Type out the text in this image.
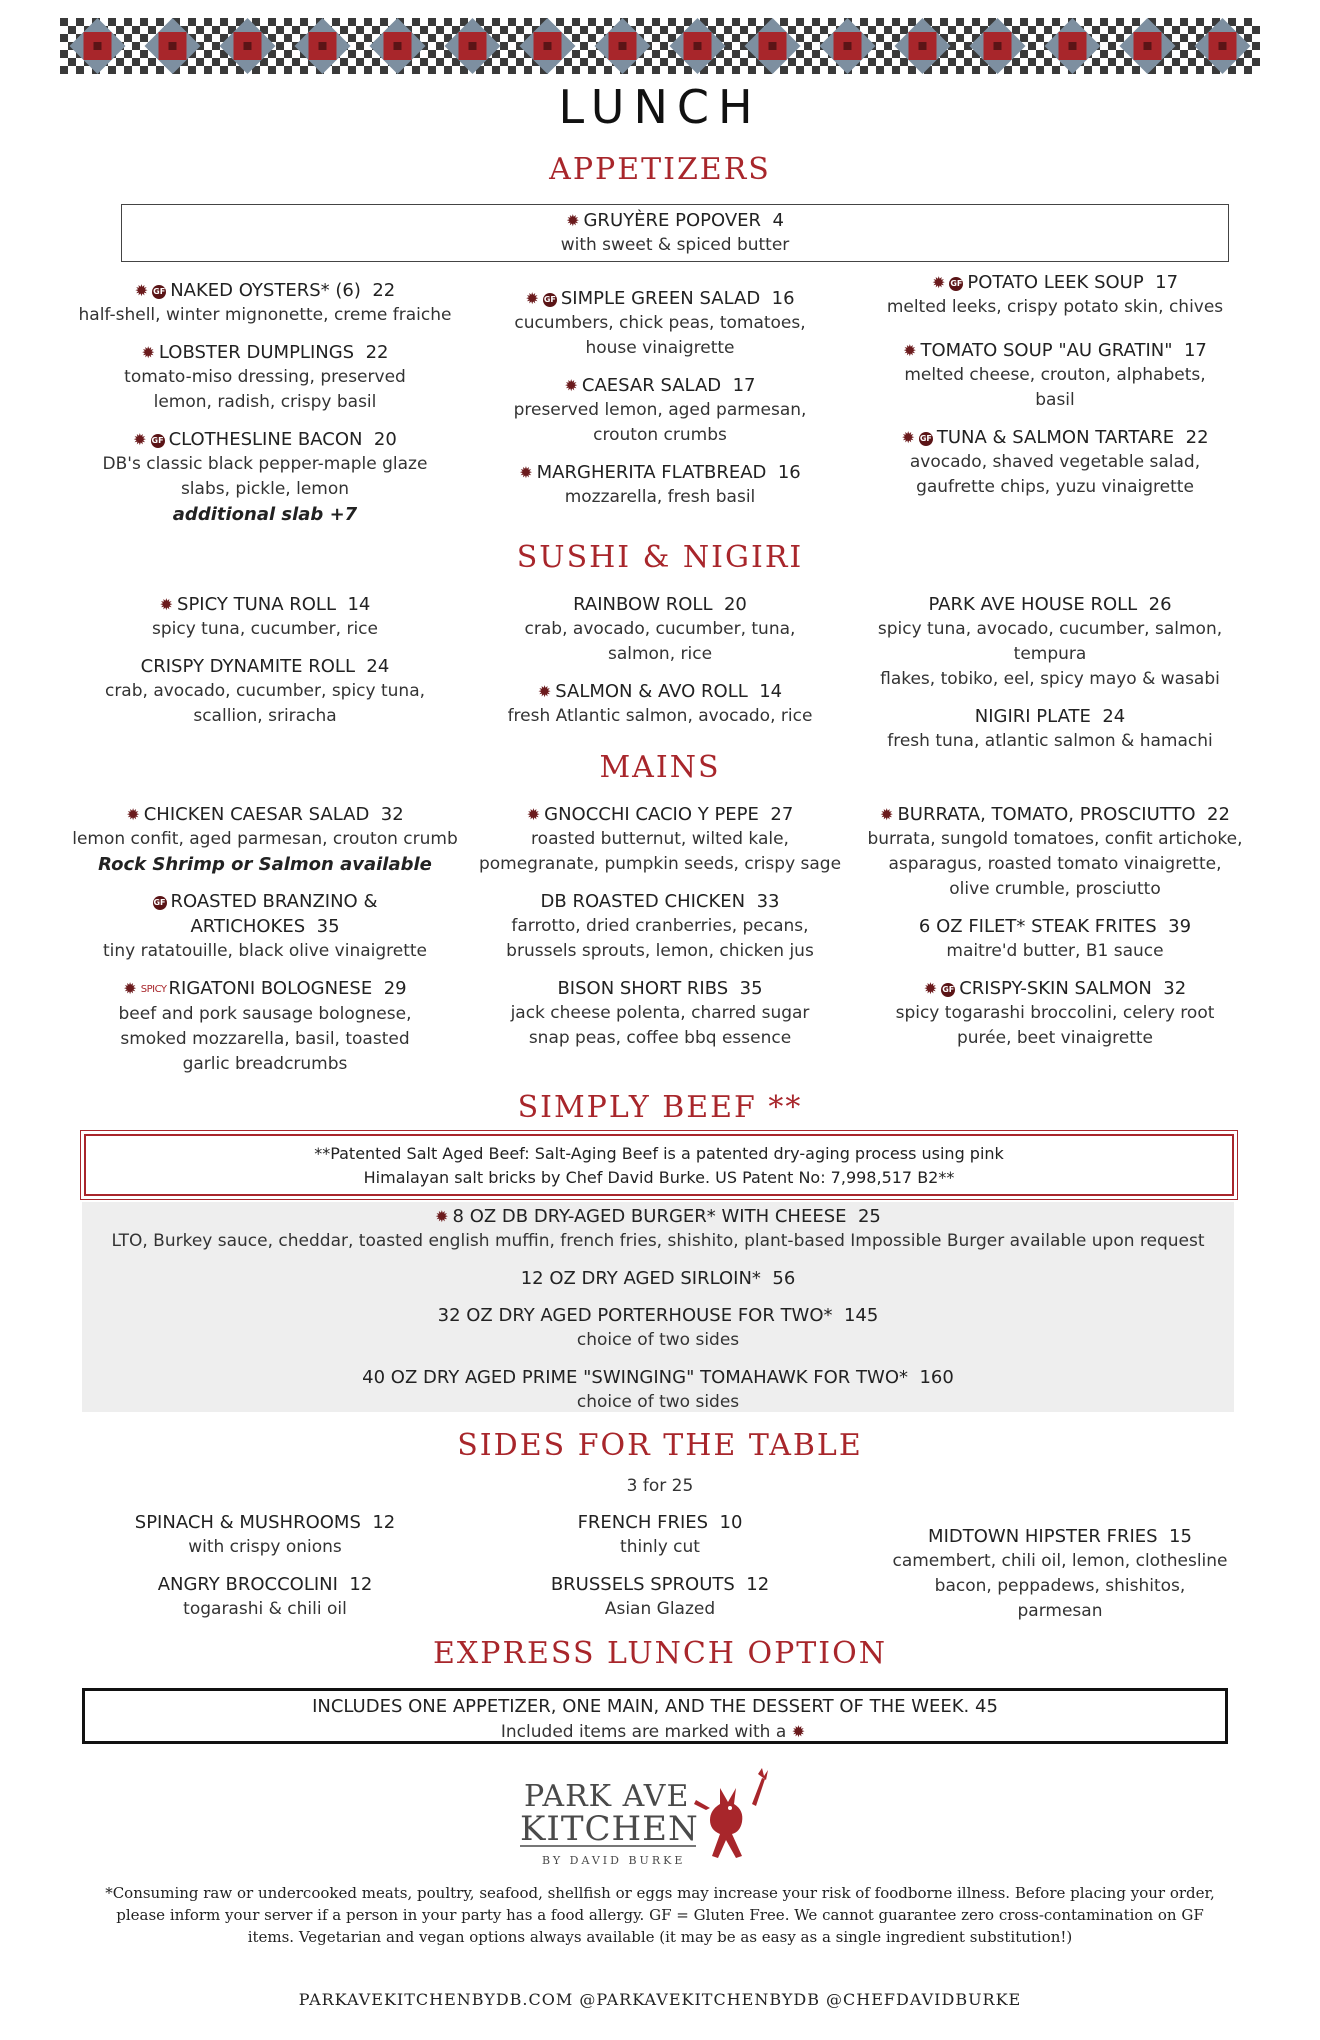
LUNCH
APPETIZERS
✹ GRUYÈRE POPOVER 4
with sweet & spiced butter
✹ GF NAKED OYSTERS* (6) 22
half-shell, winter mignonette, creme fraiche
✹ LOBSTER DUMPLINGS 22
tomato-miso dressing, preserved
lemon, radish, crispy basil
✹ GF CLOTHESLINE BACON 20
DB's classic black pepper-maple glaze
slabs, pickle, lemon
additional slab +7
✹ GF SIMPLE GREEN SALAD 16
cucumbers, chick peas, tomatoes,
house vinaigrette
✹ CAESAR SALAD 17
preserved lemon, aged parmesan,
crouton crumbs
✹ MARGHERITA FLATBREAD 16
mozzarella, fresh basil
✹ GF POTATO LEEK SOUP 17
melted leeks, crispy potato skin, chives
✹ TOMATO SOUP "AU GRATIN" 17
melted cheese, crouton, alphabets,
basil
✹ GF TUNA & SALMON TARTARE 22
avocado, shaved vegetable salad,
gaufrette chips, yuzu vinaigrette
SUSHI & NIGIRI
✹ SPICY TUNA ROLL 14
spicy tuna, cucumber, rice
CRISPY DYNAMITE ROLL 24
crab, avocado, cucumber, spicy tuna,
scallion, sriracha
RAINBOW ROLL 20
crab, avocado, cucumber, tuna,
salmon, rice
✹ SALMON & AVO ROLL 14
fresh Atlantic salmon, avocado, rice
PARK AVE HOUSE ROLL 26
spicy tuna, avocado, cucumber, salmon, tempura
flakes, tobiko, eel, spicy mayo & wasabi
NIGIRI PLATE 24
fresh tuna, atlantic salmon & hamachi
MAINS
✹ CHICKEN CAESAR SALAD 32
lemon confit, aged parmesan, crouton crumb
Rock Shrimp or Salmon available
GF ROASTED BRANZINO &
ARTICHOKES 35
tiny ratatouille, black olive vinaigrette
✹ SPICY RIGATONI BOLOGNESE 29
beef and pork sausage bolognese,
smoked mozzarella, basil, toasted
garlic breadcrumbs
✹ GNOCCHI CACIO Y PEPE 27
roasted butternut, wilted kale,
pomegranate, pumpkin seeds, crispy sage
DB ROASTED CHICKEN 33
farrotto, dried cranberries, pecans,
brussels sprouts, lemon, chicken jus
BISON SHORT RIBS 35
jack cheese polenta, charred sugar
snap peas, coffee bbq essence
✹ BURRATA, TOMATO, PROSCIUTTO 22
burrata, sungold tomatoes, confit artichoke,
asparagus, roasted tomato vinaigrette,
olive crumble, prosciutto
6 OZ FILET* STEAK FRITES 39
maitre'd butter, B1 sauce
✹ GF CRISPY-SKIN SALMON 32
spicy togarashi broccolini, celery root
purée, beet vinaigrette
SIMPLY BEEF **
**Patented Salt Aged Beef: Salt-Aging Beef is a patented dry-aging process using pink
Himalayan salt bricks by Chef David Burke. US Patent No: 7,998,517 B2**
✹ 8 OZ DB DRY-AGED BURGER* WITH CHEESE 25
LTO, Burkey sauce, cheddar, toasted english muffin, french fries, shishito, plant-based Impossible Burger available upon request
12 OZ DRY AGED SIRLOIN* 56
32 OZ DRY AGED PORTERHOUSE FOR TWO* 145
choice of two sides
40 OZ DRY AGED PRIME "SWINGING" TOMAHAWK FOR TWO* 160
choice of two sides
SIDES FOR THE TABLE
3 for 25
SPINACH & MUSHROOMS 12
with crispy onions
ANGRY BROCCOLINI 12
togarashi & chili oil
FRENCH FRIES 10
thinly cut
BRUSSELS SPROUTS 12
Asian Glazed
MIDTOWN HIPSTER FRIES 15
camembert, chili oil, lemon, clothesline
bacon, peppadews, shishitos,
parmesan
EXPRESS LUNCH OPTION
INCLUDES ONE APPETIZER, ONE MAIN, AND THE DESSERT OF THE WEEK. 45
Included items are marked with a ✹
PARK AVE
KITCHEN
BY DAVID BURKE
*Consuming raw or undercooked meats, poultry, seafood, shellfish or eggs may increase your risk of foodborne illness. Before placing your order,
please inform your server if a person in your party has a food allergy. GF = Gluten Free. We cannot guarantee zero cross-contamination on GF
items. Vegetarian and vegan options always available (it may be as easy as a single ingredient substitution!)
PARKAVEKITCHENBYDB.COM @PARKAVEKITCHENBYDB @CHEFDAVIDBURKE
